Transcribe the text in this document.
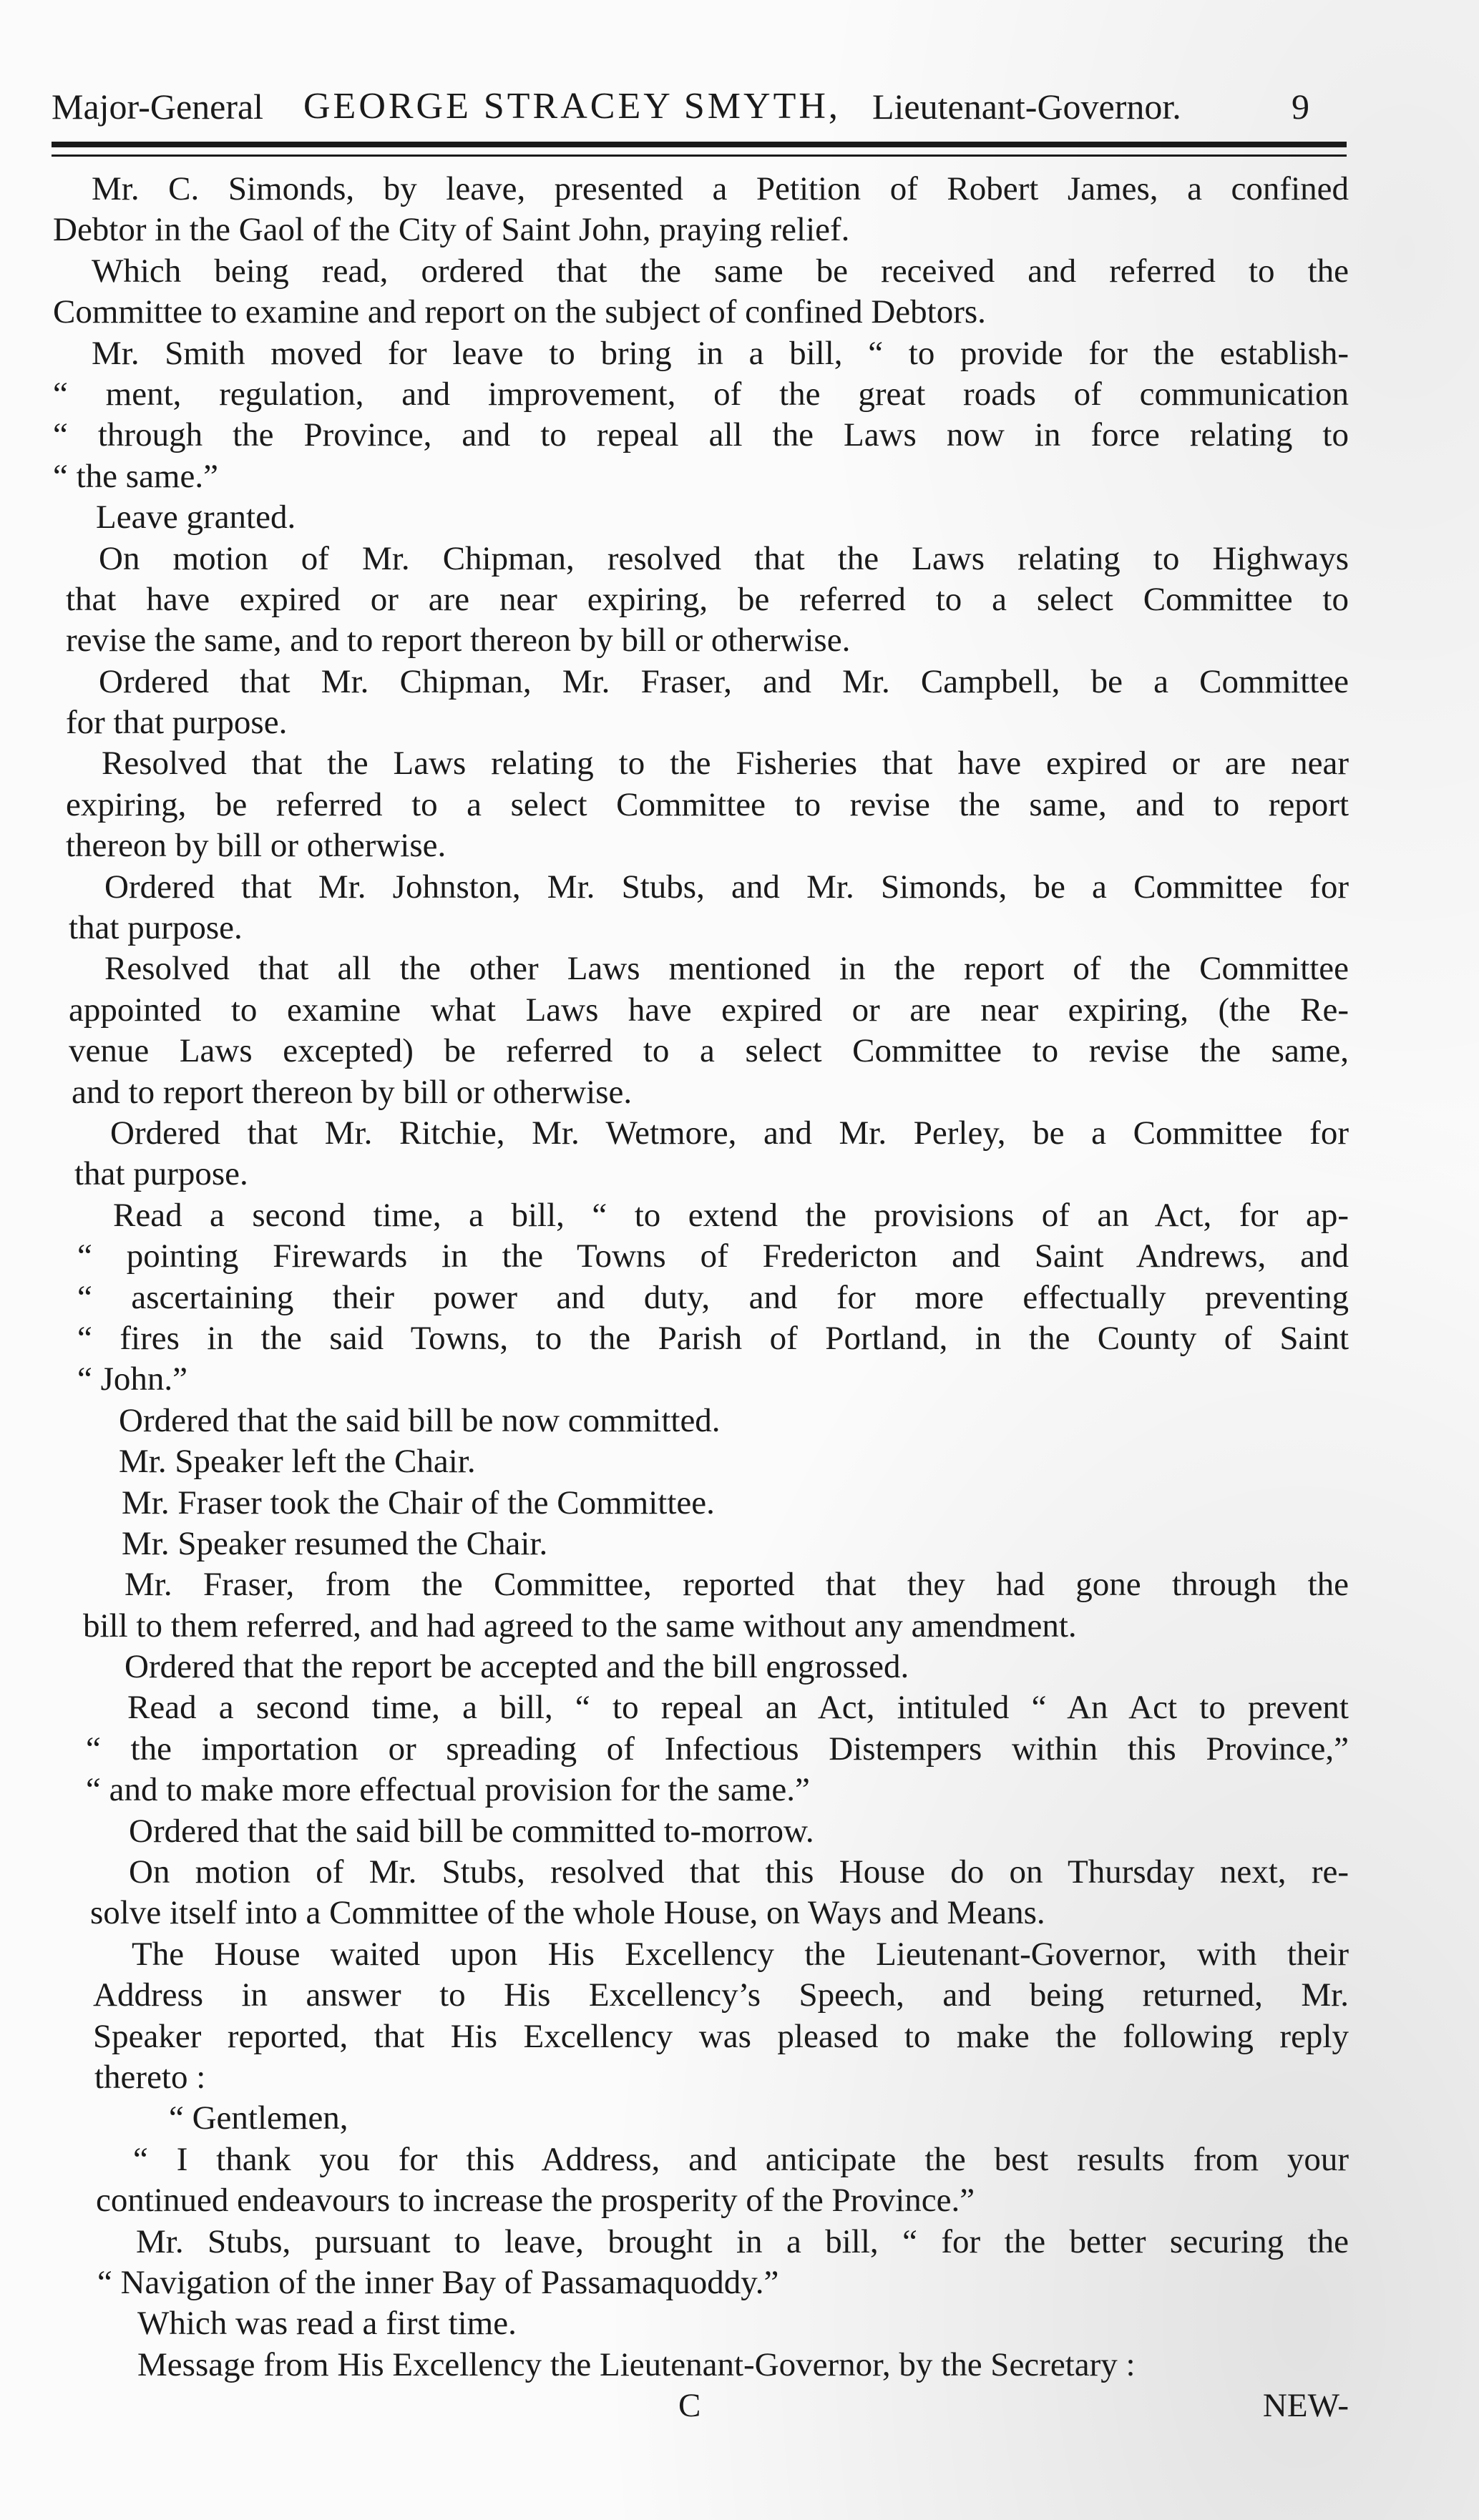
Major-General GEORGE STRACEY SMYTH, Lieutenant-Governor.	9
Mr. C. Simonds, by leave, presented a Petition of Robert James, a confined
Debtor in the Gaol of the City of Saint John, praying relief.
Which being read, ordered that the same be received and referred to the
Committee to examine and report on the subject of confined Debtors.
Mr. Smith moved for leave to bring in a bill, “ to provide for the establish-
“ ment, regulation, and improvement, of the great roads of communication
“ through the Province, and to repeal all the Laws now in force relating to
“ the same.”
Leave granted.
On motion of Mr. Chipman, resolved that the Laws relating to Highways
that have expired or are near expiring, be referred to a select Committee to
revise the same, and to report thereon by bill or otherwise.
Ordered that Mr. Chipman, Mr. Fraser, and Mr. Campbell, be a Committee
for that purpose.
Resolved that the Laws relating to the Fisheries that have expired or are near
expiring, be referred to a select Committee to revise the same, and to report
thereon by bill or otherwise.
Ordered that Mr. Johnston, Mr. Stubs, and Mr. Simonds, be a Committee for
that purpose.
Resolved that all the other Laws mentioned in the report of the Committee
appointed to examine what Laws have expired or are near expiring, (the Re-
venue Laws excepted) be referred to a select Committee to revise the same,
and to report thereon by bill or otherwise.
Ordered that Mr. Ritchie, Mr. Wetmore, and Mr. Perley, be a Committee for
that purpose.
Read a second time, a bill, “ to extend the provisions of an Act, for ap-
“ pointing Firewards in the Towns of Fredericton and Saint Andrews, and
“ ascertaining their power and duty, and for more effectually preventing
“ fires in the said Towns, to the Parish of Portland, in the County of Saint
“ John.”
Ordered that the said bill be now committed.
Mr. Speaker left the Chair.
Mr. Fraser took the Chair of the Committee.
Mr. Speaker resumed the Chair.
Mr. Fraser, from the Committee, reported that they had gone through the
bill to them referred, and had agreed to the same without any amendment.
Ordered that the report be accepted and the bill engrossed.
Read a second time, a bill, “ to repeal an Act, intituled “ An Act to prevent
“ the importation or spreading of Infectious Distempers within this Province,”
“ and to make more effectual provision for the same.”
Ordered that the said bill be committed to-morrow.
On motion of Mr. Stubs, resolved that this House do on Thursday next, re-
solve itself into a Committee of the whole House, on Ways and Means.
The House waited upon His Excellency the Lieutenant-Governor, with their
Address in answer to His Excellency’s Speech, and being returned, Mr.
Speaker reported, that His Excellency was pleased to make the following reply
thereto :
“ Gentlemen,
“ I thank you for this Address, and anticipate the best results from your
continued endeavours to increase the prosperity of the Province.”
Mr. Stubs, pursuant to leave, brought in a bill, “ for the better securing the
“ Navigation of the inner Bay of Passamaquoddy.”
Which was read a first time.
Message from His Excellency the Lieutenant-Governor, by the Secretary :
C	NEW-
